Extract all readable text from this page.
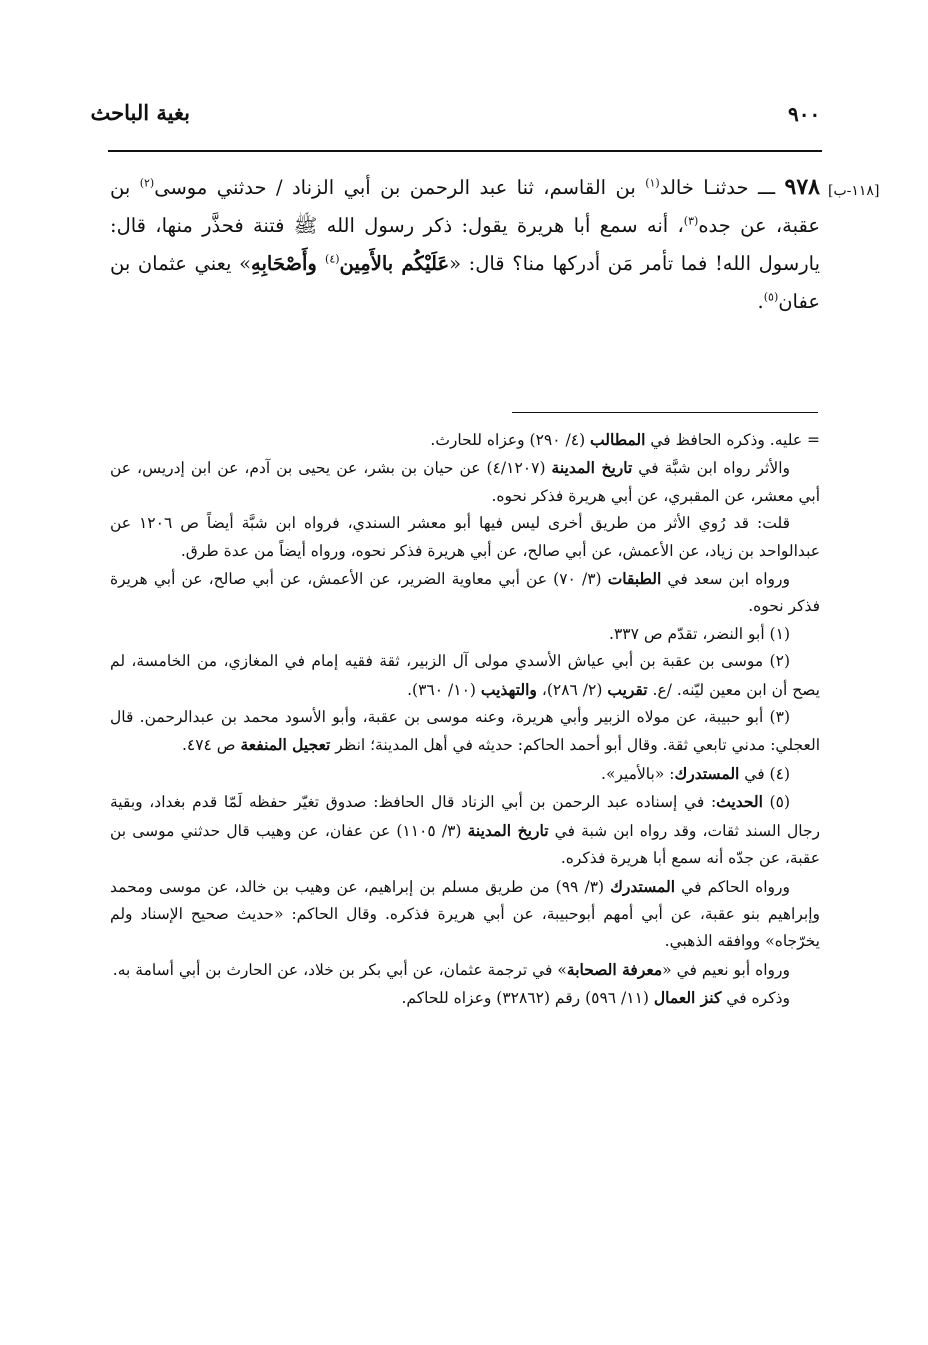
بغية الباحث	٩٠٠
[١١٨-ب]
٩٧٨ ـــ حدثنـا خالد$^{(١)}$ بن القاسم، ثنا عبد الرحمن بن أبي الزناد / حدثني موسى$^{(٢)}$ بن عقبة، عن جده$^{(٣)}$، أنه سمع أبا هريرة يقول: ذكر رسول الله ﷺ فتنة فحذَّر منها، قال: يارسول الله! فما تأمر مَن أدركها منا؟ قال: «عَلَيْكُم بالأَمِين$^{(٤)}$ وأَصْحَابِهِ» يعني عثمان بن عفان$^{(٥)}$.

= عليه. وذكره الحافظ في المطالب (٤/ ٢٩٠) وعزاه للحارث.

والأثر رواه ابن شبَّة في تاريخ المدينة (٤/١٢٠٧) عن حيان بن بشر، عن يحيى بن آدم، عن ابن إدريس، عن أبي معشر، عن المقبري، عن أبي هريرة فذكر نحوه.

قلت: قد رُوي الأثر من طريق أخرى ليس فيها أبو معشر السندي، فرواه ابن شبَّة أيضاً ص ١٢٠٦ عن عبدالواحد بن زياد، عن الأعمش، عن أبي صالح، عن أبي هريرة فذكر نحوه، ورواه أيضاً من عدة طرق.

ورواه ابن سعد في الطبقات (٣/ ٧٠) عن أبي معاوية الضرير، عن الأعمش، عن أبي صالح، عن أبي هريرة فذكر نحوه.

(١) أبو النضر، تقدّم ص ٣٣٧.

(٢) موسى بن عقبة بن أبي عياش الأسدي مولى آل الزبير، ثقة فقيه إمام في المغازي، من الخامسة، لم يصح أن ابن معين ليّنه. /ع. تقريب (٢/ ٢٨٦)، والتهذيب (١٠/ ٣٦٠).

(٣) أبو حبيبة، عن مولاه الزبير وأبي هريرة، وعنه موسى بن عقبة، وأبو الأسود محمد بن عبدالرحمن. قال العجلي: مدني تابعي ثقة. وقال أبو أحمد الحاكم: حديثه في أهل المدينة؛ انظر تعجيل المنفعة ص ٤٧٤.

(٤) في المستدرك: «بالأمير».

(٥) الحديث: في إسناده عبد الرحمن بن أبي الزناد قال الحافظ: صدوق تغيّر حفظه لَمّا قدم بغداد، وبقية رجال السند ثقات، وقد رواه ابن شبة في تاريخ المدينة (٣/ ١١٠٥) عن عفان، عن وهيب قال حدثني موسى بن عقبة، عن جدّه أنه سمع أبا هريرة فذكره.

ورواه الحاكم في المستدرك (٣/ ٩٩) من طريق مسلم بن إبراهيم، عن وهيب بن خالد، عن موسى ومحمد وإبراهيم بنو عقبة، عن أبي أمهم أبوحبيبة، عن أبي هريرة فذكره. وقال الحاكم: «حديث صحيح الإسناد ولم يخرّجاه» ووافقه الذهبي.

ورواه أبو نعيم في «معرفة الصحابة» في ترجمة عثمان، عن أبي بكر بن خلاد، عن الحارث بن أبي أسامة به.

وذكره في كنز العمال (١١/ ٥٩٦) رقم (٣٢٨٦٢) وعزاه للحاكم.
